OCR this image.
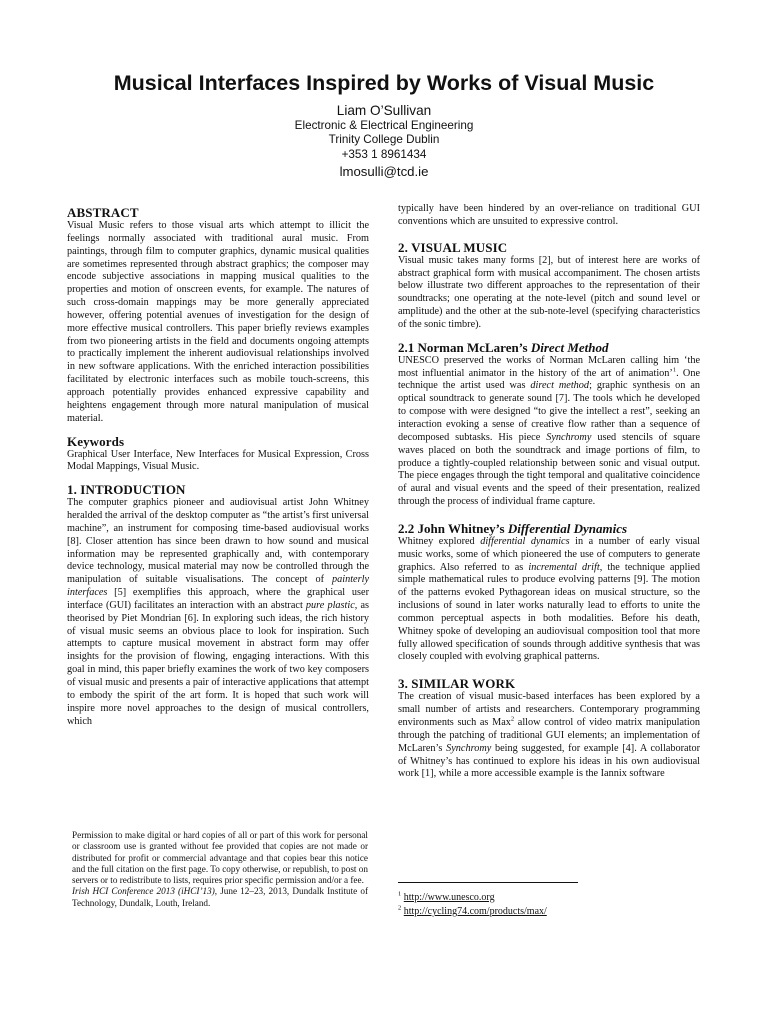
Musical Interfaces Inspired by Works of Visual Music
Liam O’Sullivan
Electronic & Electrical Engineering
Trinity College Dublin
+353 1 8961434
lmosulli@tcd.ie
ABSTRACT

Visual Music refers to those visual arts which attempt to illicit the feelings normally associated with traditional aural music. From paintings, through film to computer graphics, dynamic musical qualities are sometimes represented through abstract graphics; the composer may encode subjective associations in mapping musical qualities to the properties and motion of onscreen events, for example. The natures of such cross-domain mappings may be more generally appreciated however, offering potential avenues of investigation for the design of more effective musical controllers. This paper briefly reviews examples from two pioneering artists in the field and documents ongoing attempts to practically implement the inherent audiovisual relationships involved in new software applications. With the enriched interaction possibilities facilitated by electronic interfaces such as mobile touch-screens, this approach potentially provides enhanced expressive capability and heightens engagement through more natural manipulation of musical material.

Keywords

Graphical User Interface, New Interfaces for Musical Expression, Cross Modal Mappings, Visual Music.

1. INTRODUCTION

The computer graphics pioneer and audiovisual artist John Whitney heralded the arrival of the desktop computer as “the artist’s first universal machine”, an instrument for composing time-based audiovisual works [8]. Closer attention has since been drawn to how sound and musical information may be represented graphically and, with contemporary device technology, musical material may now be controlled through the manipulation of suitable visualisations. The concept of painterly interfaces [5] exemplifies this approach, where the graphical user interface (GUI) facilitates an interaction with an abstract pure plastic, as theorised by Piet Mondrian [6]. In exploring such ideas, the rich history of visual music seems an obvious place to look for inspiration. Such attempts to capture musical movement in abstract form may offer insights for the provision of flowing, engaging interactions. With this goal in mind, this paper briefly examines the work of two key composers of visual music and presents a pair of interactive applications that attempt to embody the spirit of the art form. It is hoped that such work will inspire more novel approaches to the design of musical controllers, which

Permission to make digital or hard copies of all or part of this work for personal or classroom use is granted without fee provided that copies are not made or distributed for profit or commercial advantage and that copies bear this notice and the full citation on the first page. To copy otherwise, or republish, to post on servers or to redistribute to lists, requires prior specific permission and/or a fee.

Irish HCI Conference 2013 (iHCI’13), June 12–23, 2013, Dundalk Institute of Technology, Dundalk, Louth, Ireland.

typically have been hindered by an over-reliance on traditional GUI conventions which are unsuited to expressive control.

2. VISUAL MUSIC

Visual music takes many forms [2], but of interest here are works of abstract graphical form with musical accompaniment. The chosen artists below illustrate two different approaches to the representation of their soundtracks; one operating at the note-level (pitch and sound level or amplitude) and the other at the sub-note-level (specifying characteristics of the sonic timbre).

2.1 Norman McLaren’s Direct Method

UNESCO preserved the works of Norman McLaren calling him ‘the most influential animator in the history of the art of animation’$^1$. One technique the artist used was direct method; graphic synthesis on an optical soundtrack to generate sound [7]. The tools which he developed to compose with were designed “to give the intellect a rest”, seeking an interaction evoking a sense of creative flow rather than a sequence of decomposed subtasks. His piece Synchromy used stencils of square waves placed on both the soundtrack and image portions of film, to produce a tightly-coupled relationship between sonic and visual output. The piece engages through the tight temporal and qualitative coincidence of aural and visual events and the speed of their presentation, realized through the process of individual frame capture.

2.2 John Whitney’s Differential Dynamics

Whitney explored differential dynamics in a number of early visual music works, some of which pioneered the use of computers to generate graphics. Also referred to as incremental drift, the technique applied simple mathematical rules to produce evolving patterns [9]. The motion of the patterns evoked Pythagorean ideas on musical structure, so the inclusions of sound in later works naturally lead to efforts to unite the common perceptual aspects in both modalities. Before his death, Whitney spoke of developing an audiovisual composition tool that more fully allowed specification of sounds through additive synthesis that was closely coupled with evolving graphical patterns.

3. SIMILAR WORK

The creation of visual music-based interfaces has been explored by a small number of artists and researchers. Contemporary programming environments such as Max$^2$ allow control of video matrix manipulation through the patching of traditional GUI elements; an implementation of McLaren’s Synchromy being suggested, for example [4]. A collaborator of Whitney’s has continued to explore his ideas in his own audiovisual work [1], while a more accessible example is the Iannix software

$^1$ http://www.unesco.org
$^2$ http://cycling74.com/products/max/
